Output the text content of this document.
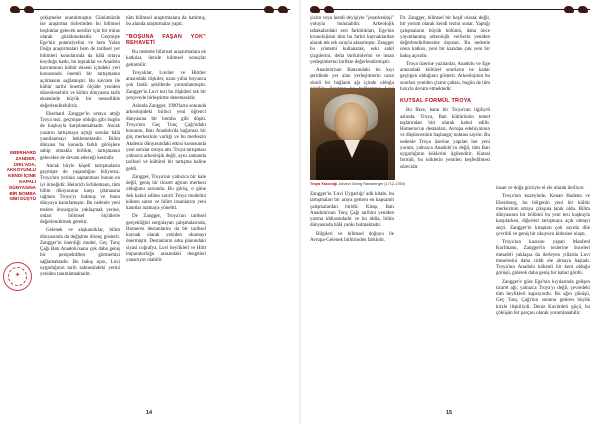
EBERHARD ZANDER, 1991'ADA, AKKOYUNLU KENDİ İÇİNE KAPALI DÜNYASINA BİR BOMBA GİBİ DÜŞTÜ
✦

çekişmeler unutulmuştur. Günümüzde ise araştırma türlerinden bu bilimsel boşluklar gelecek nesiller için bir miras olarak gözükmektedir. Geçmişte Ege'nin potansiyelini ve hem Yalan Doğu araştırmaları hem de tarihsel yer bilimleri konularında da hâlâ ortaya koyduğu katkı, bu topraklar ve Anadolu kavramının kültür ekseni içindeki yeri konusunda önemli bir tartışmanın açılmasını sağlamıştır. Bu kavram ile kültür tarihi önemli ölçüde yeniden düzenlenebilir ve kültür dünyasını tarih ekseninde büyük bir nesnellikle değerlendirebiliriz.

Eberhard Zangger'in ortaya attığı Troya tezi, geçmişte olduğu gibi bugün de kuşkuyla karşılanmaktadır. Ancak yazarın tartışmaya açtığı sorular hâlâ yanıtlanmayı beklemektedir. Bilim dünyası bu konuda farklı görüşlere sahip olmakla birlikte, tartışmanın gelecekte de devam edeceği kesindir.

Ancak böyle köşeli tartışmaların geçmişte de yaşandığını biliyoruz. Troya'nın yerinin saptanması bunun en iyi örneğidir. Heinrich Schliemann, tüm bilim dünyasının karşı çıkmasına rağmen Troya'yı bulmuş ve bunu dünyaya kanıtlamıştır. Bu nedenle yeni tezlere önyargıyla yaklaşmak yerine, onları bilimsel ölçütlerle değerlendirmek gerekir.

Gelenek ve alışkanlıklar, bilim dünyasında da değişime direnç gösterir. Zangger'in önerdiği model, Geç Tunç Çağı Batı Anadolu'sunu çok daha geniş bir perspektiften görmemizi sağlamaktadır. Bu bakış açısı, Luvi uygarlığının tarih sahnesindeki yerini yeniden tanımlamaktadır.

tüm bilimsel araştırmalara da katılmış, bu alanda araştırmalar yaptı.

"BOŞUNA FAŞAN YOK" REHAVETİ

Bu nedenle bilimsel araştırmalara ek katkılar, ileride bilimsel sonuçlar getirebilir.

Troyalılar, Luviler ve Hititler arasındaki ilişkiler, uzun yıllar boyunca çok farklı şekillerde yorumlanmıştır. Zangger'in Luvi tezi bu ilişkileri tek bir çerçevede birleştirme denemesidir.

Aslında Zangger, 1990'ların sonunda arkeolojideki birinci yeni öğrenci dünyasına bir bomba gibi düştü. Troya'nın Geç Tunç Çağı'ndaki konumu, Batı Anadolu'da bağımsız bir güç merkezinin varlığı ve bu merkezin Akdeniz dünyasındaki etkisi konusunda yeni sorular ortaya attı. Troya tartışması yalnızca arkeolojik değil, aynı zamanda tarihsel ve kültürel bir tartışma haline geldi.

Zangger, Troya'nın yalnızca bir kale değil, geniş bir ticaret ağının merkezi olduğunu savundu. Bu görüş, o güne dek kabul edilen sınırlı Troya modelini kökten sarstı ve bilim insanlarını yeni kanıtlar aramaya yöneltti.

De Zangger, Troya'nın tarihsel gerçekliğini sorgulayan çalışmalarında, Homeros destanlarını da bir tarihsel kaynak olarak yeniden okumayı önermiştir. Destanların arka planındaki siyasi coğrafya, Luvi beylikleri ve Hitit imparatorluğu arasındaki dengeleri yansıtıyor olabilir.

14

çizim veya kendi deyişiyle "jeoarkeoloji" yoluyla bulunabilir. Arkeolojik tabakalardaki seri farklılıkları, Ege'nin kronolojisini tüm bu farklı kaynaklardan alarak tek tek sırayla aktarmıştır. Zangger bu yöntemi kullanarak, eski sahil çizgilerini, delta birikimlerini ve insan yerleşimlerini birlikte değerlendirmiştir.

Anadolu'nun Batısındaki bu kıyı şeridinde yer alan yerleşimlerin uzun süreli bir bağlantı ağı içinde olduğu

Dr. Zangger, bilimsel bir keşif olarak değil, bir yorum olarak kendi tezini sunar. Yaptığı çalışmaların büyük bölümü, daha önce yayımlanmış arkeolojik verilerin yeniden değerlendirilmesine dayanır. Bu nedenle onun katkısı, yeni bir kazıdan çok yeni bir bakış açısıdır.

Troya üzerine yazılanlar, Anadolu ve Ege arasındaki kültürel sınırların ne kadar geçirgen olduğunu gösterir. Arkeolojinin bu sınırları yeniden çizme çabası, bugün de tüm hızıyla devam etmektedir.

KUTSAL FORMÜL TROYA

Bu fikre, bana bir Troya'nın ilgiliydi aslında. Troya, Batı kültürünün temel taşlarından biri olarak kabul edilir. Homeros'un destanları, Avrupa edebiyatının ve düşüncesinin başlangıç noktası sayılır. Bu nedenle Troya üzerine yapılan her yeni yorum, yalnızca Anadolu'yu değil, tüm Batı uygarlığının köklerini ilgilendirir. Kutsal formül, bu köklerin yeniden keşfedilmesi sürecidir.

Troya Yazıcılığı Johann Georg Ransberger (1712-1769)

Zangger'in 'Luvi Uygarlığı' adlı kitabı, bu tartışmaları bir araya getiren en kapsamlı çalışmalardan biridir. Kitap, Batı Anadolu'nun Tunç Çağı tarihini yeniden yazma iddiasındadır ve bu iddia, bilim dünyasında hâlâ yankı bulmaktadır.

Bilgileri ve bilimsel doğuyu ile Avrupa-Gelenek birbirinden farklıdır.

insan ve doğa gücüyle el ele olarak ilerliyor.

Troya'nın kuzeyinde, Kenan Hadenn ve Ebersburg, bu bölgenin yeni bir kültür merkezinin ortaya çıkışına tanık oldu. Bilim dünyasının bir bölümü bu yeni tezi kuşkuyla karşılarken, diğerleri tartışmaya açık olmayı seçti. Zangger'in kitapları çok sayıda dile çevrildi ve geniş bir okuyucu kitlesine ulaştı.

Troya'nın kazısını yapan Manfred Korfmann, Zangger'in tezlerine önceleri mesafeli yaklaşsa da ilerleyen yıllarda Luvi meselesini daha ciddi ele almaya başladı. Troya'nın Anadolu kökenli bir kent olduğu görüşü, giderek daha geniş bir kabul gördü.

Zangger'e göre Ege'nin kıyılarında gelişen ticaret ağı, yalnızca Troya'yı değil, çevredeki tüm beylikleri kapsıyordu. Bu ağın çöküşü, Geç Tunç Çağı'nın sonunu getiren büyük krizle ilişkiliydi. Deniz Kavimleri göçü, bu çöküşün bir parçası olarak yorumlanabilir.

15
